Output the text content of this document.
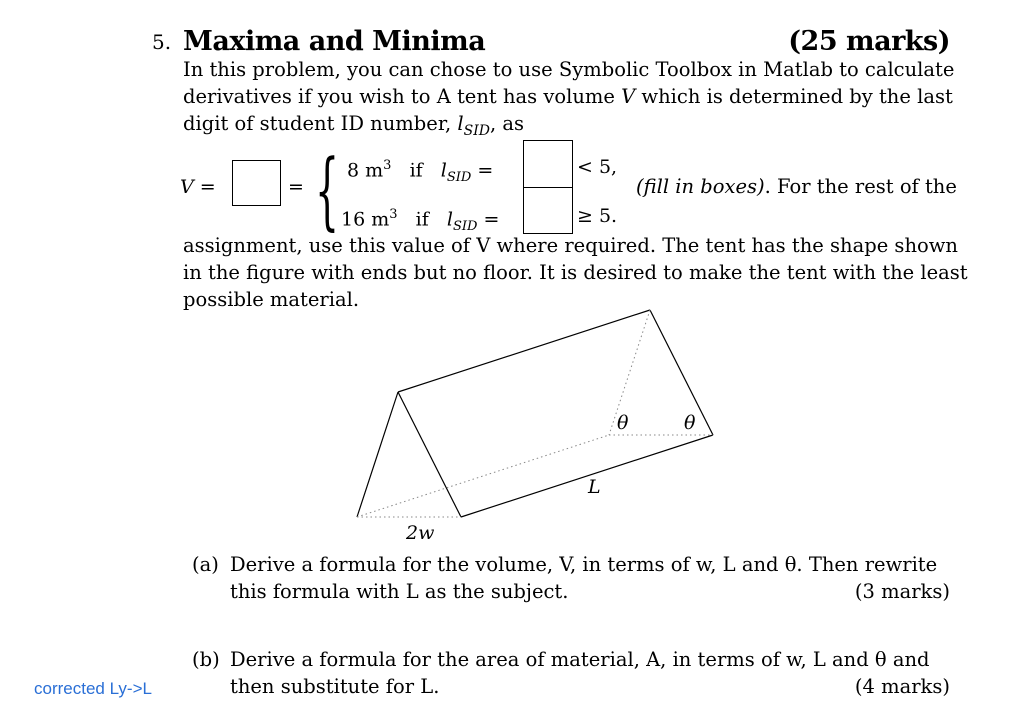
5. Maxima and Minima	(25 marks)
In this problem, you can chose to use Symbolic Toolbox in Matlab to calculate
derivatives if you wish to A tent has volume V which is determined by the last
digit of student ID number, $l_{SID}$, as
V =	= { 8 $m^3$ if $l_{SID}$ =	< 5,
16 $m^3$ if $l_{SID}$ =	≥ 5.
(fill in boxes). For the rest of the
assignment, use this value of V where required. The tent has the shape shown
in the figure with ends but no floor. It is desired to make the tent with the least
possible material.
θ	θ
L
2w
(a) Derive a formula for the volume, V, in terms of w, L and θ. Then rewrite
this formula with L as the subject.	(3 marks)
(b) Derive a formula for the area of material, A, in terms of w, L and θ and
then substitute for L.	(4 marks)
corrected Ly->L
